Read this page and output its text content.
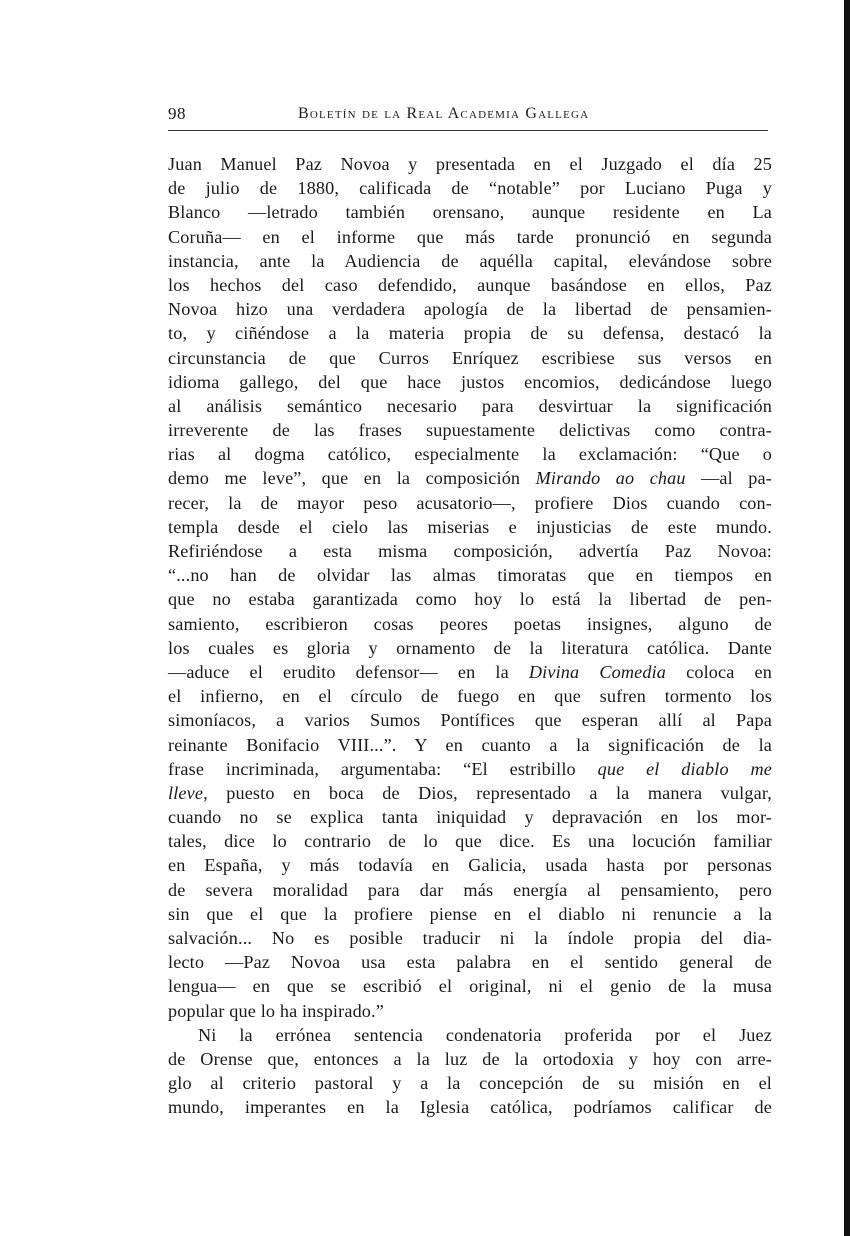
98	Boletín de la Real Academia Gallega
Juan Manuel Paz Novoa y presentada en el Juzgado el día 25
de julio de 1880, calificada de “notable” por Luciano Puga y
Blanco —letrado también orensano, aunque residente en La
Coruña— en el informe que más tarde pronunció en segunda
instancia, ante la Audiencia de aquélla capital, elevándose sobre
los hechos del caso defendido, aunque basándose en ellos, Paz
Novoa hizo una verdadera apología de la libertad de pensamien-
to, y ciñéndose a la materia propia de su defensa, destacó la
circunstancia de que Curros Enríquez escribiese sus versos en
idioma gallego, del que hace justos encomios, dedicándose luego
al análisis semántico necesario para desvirtuar la significación
irreverente de las frases supuestamente delictivas como contra-
rias al dogma católico, especialmente la exclamación: “Que o
demo me leve”, que en la composición Mirando ao chau —al pa-
recer, la de mayor peso acusatorio—, profiere Dios cuando con-
templa desde el cielo las miserias e injusticias de este mundo.
Refiriéndose a esta misma composición, advertía Paz Novoa:
“...no han de olvidar las almas timoratas que en tiempos en
que no estaba garantizada como hoy lo está la libertad de pen-
samiento, escribieron cosas peores poetas insignes, alguno de
los cuales es gloria y ornamento de la literatura católica. Dante
—aduce el erudito defensor— en la Divina Comedia coloca en
el infierno, en el círculo de fuego en que sufren tormento los
simoníacos, a varios Sumos Pontífices que esperan allí al Papa
reinante Bonifacio VIII...”. Y en cuanto a la significación de la
frase incriminada, argumentaba: “El estribillo que el diablo me
lleve, puesto en boca de Dios, representado a la manera vulgar,
cuando no se explica tanta iniquidad y depravación en los mor-
tales, dice lo contrario de lo que dice. Es una locución familiar
en España, y más todavía en Galicia, usada hasta por personas
de severa moralidad para dar más energía al pensamiento, pero
sin que el que la profiere piense en el diablo ni renuncie a la
salvación... No es posible traducir ni la índole propia del dia-
lecto —Paz Novoa usa esta palabra en el sentido general de
lengua— en que se escribió el original, ni el genio de la musa
popular que lo ha inspirado.”
Ni la errónea sentencia condenatoria proferida por el Juez
de Orense que, entonces a la luz de la ortodoxia y hoy con arre-
glo al criterio pastoral y a la concepción de su misión en el
mundo, imperantes en la Iglesia católica, podríamos calificar de
